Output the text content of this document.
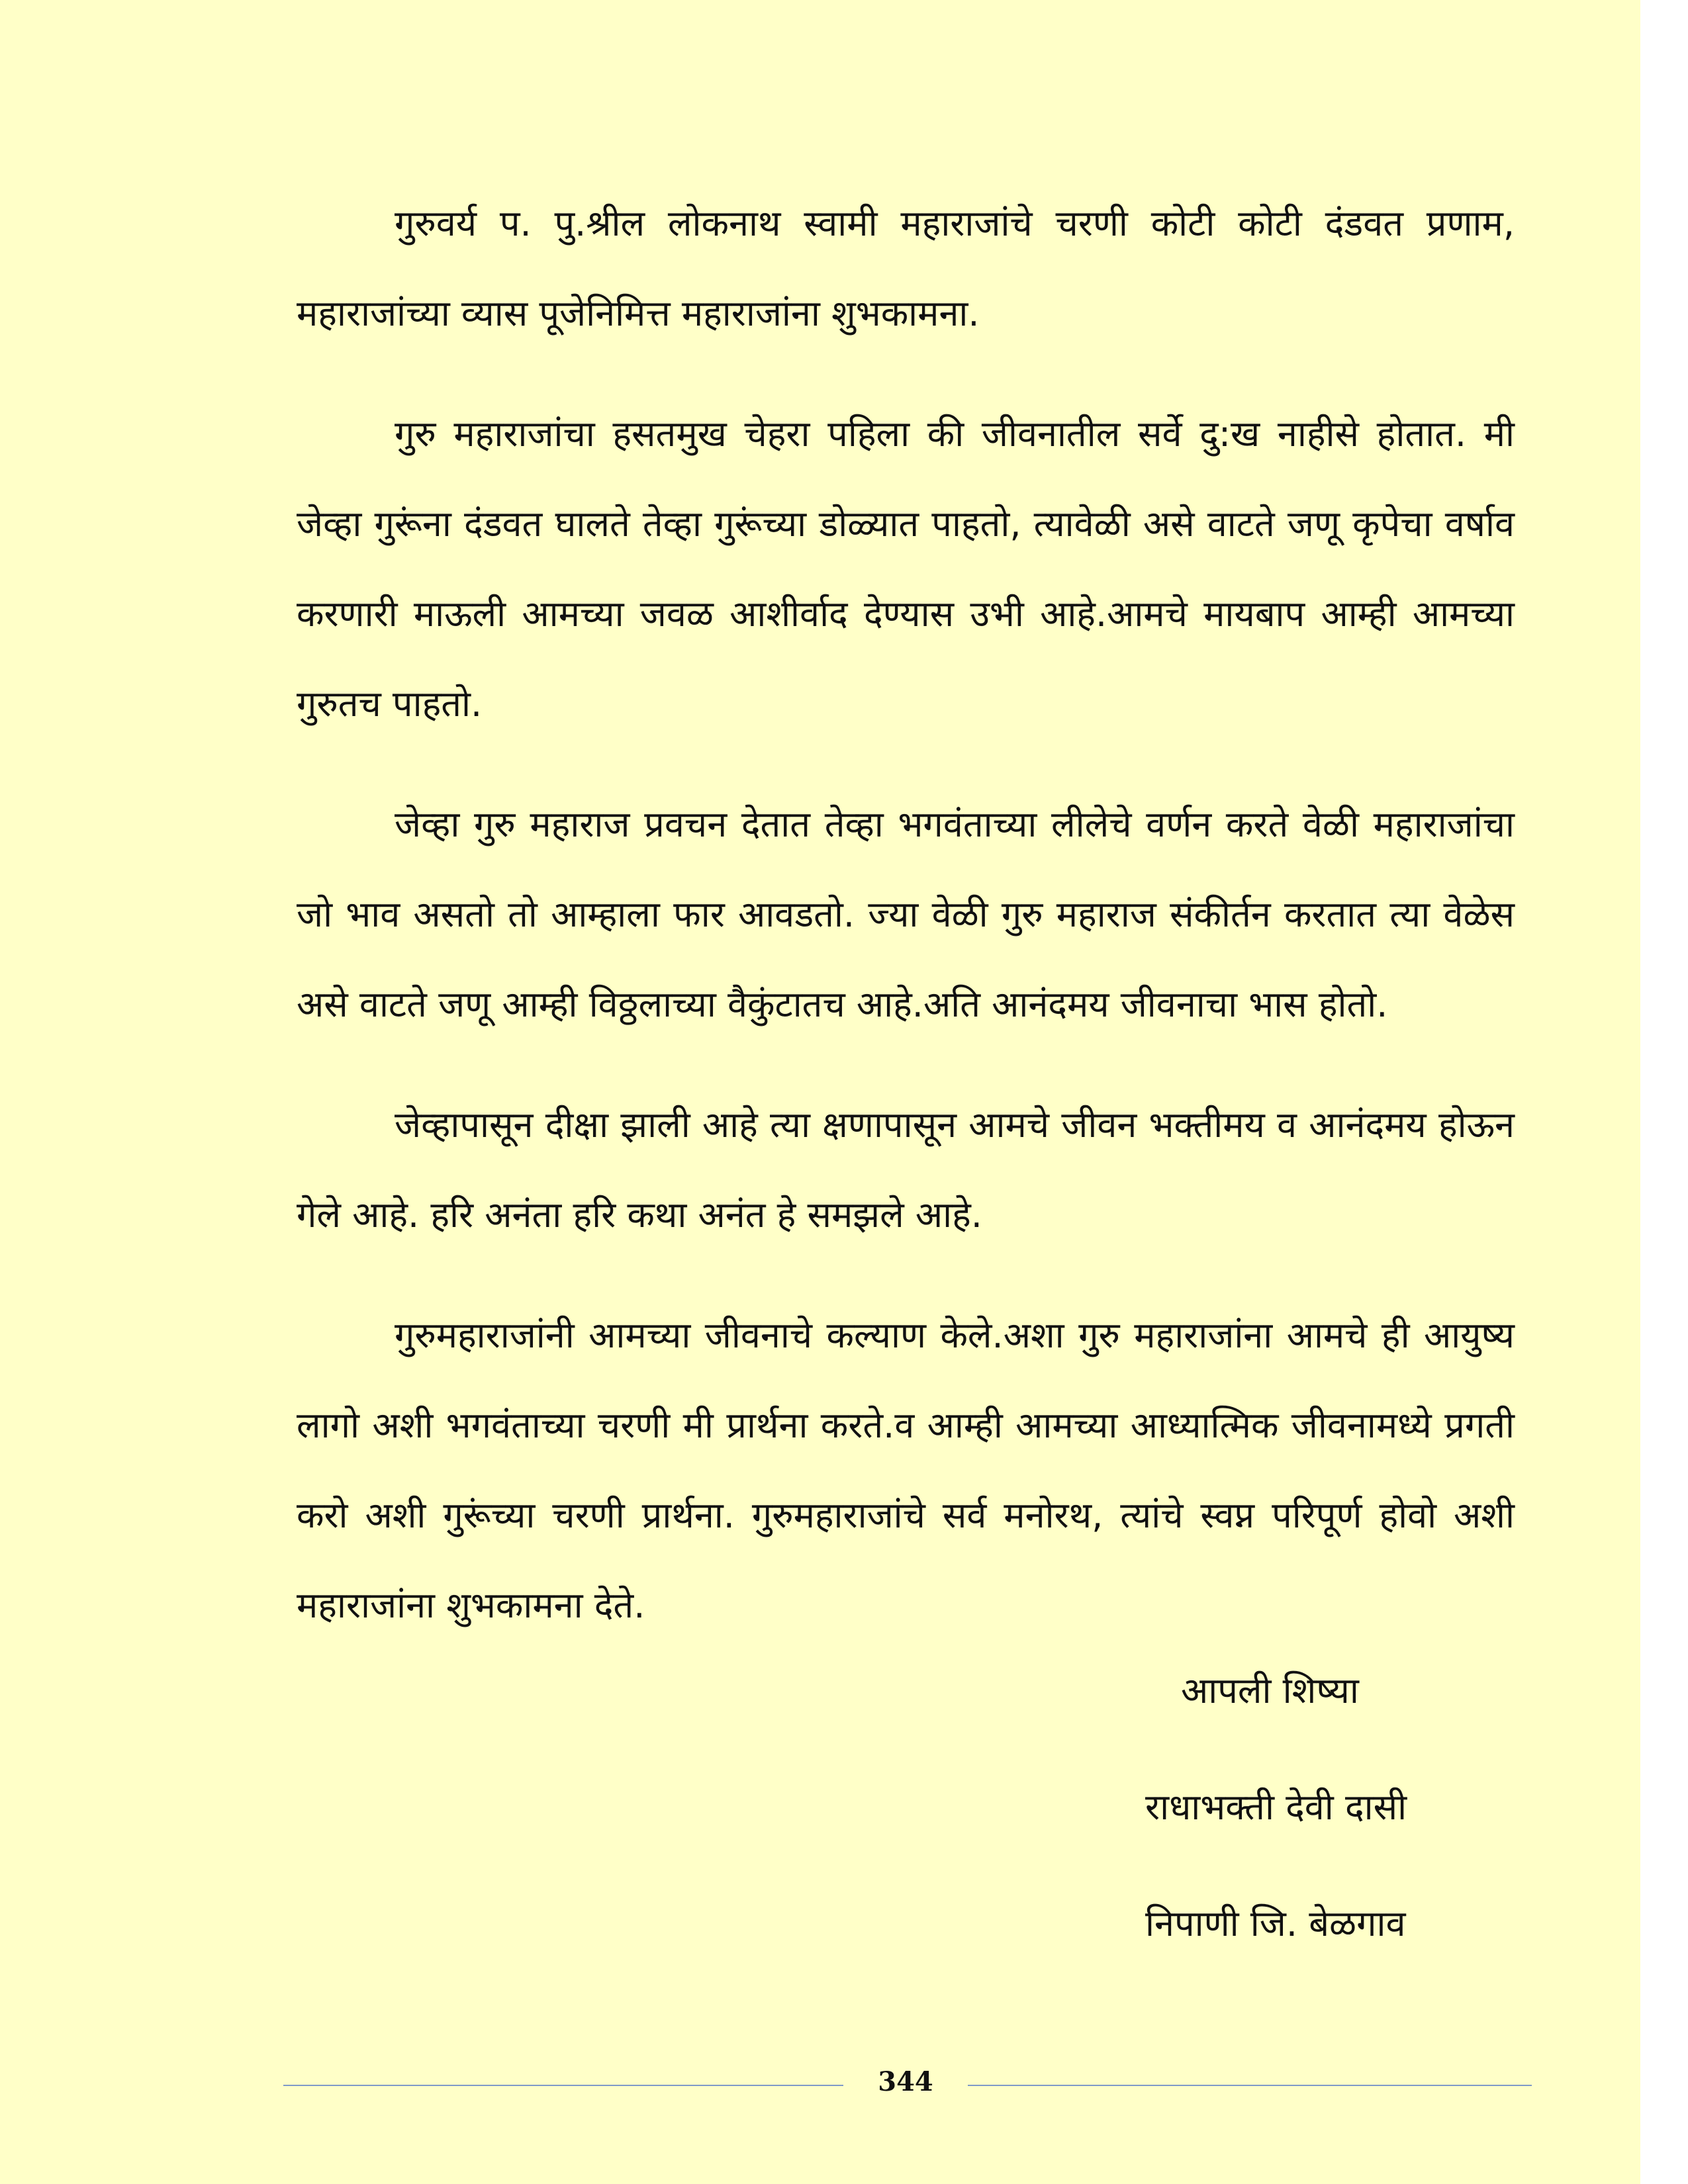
गुरुवर्य प. पु.श्रील लोकनाथ स्वामी महाराजांचे चरणी कोटी कोटी दंडवत प्रणाम, महाराजांच्या व्यास पूजेनिमित्त महाराजांना शुभकामना.

गुरु महाराजांचा हसतमुख चेहरा पहिला की जीवनातील सर्वे दु:ख नाहीसे होतात. मी जेव्हा गुरूंना दंडवत घालते तेव्हा गुरूंच्या डोळ्यात पाहतो, त्यावेळी असे वाटते जणू कृपेचा वर्षाव करणारी माऊली आमच्या जवळ आशीर्वाद देण्यास उभी आहे.आमचे मायबाप आम्ही आमच्या गुरुतच पाहतो.

जेव्हा गुरु महाराज प्रवचन देतात तेव्हा भगवंताच्या लीलेचे वर्णन करते वेळी महाराजांचा जो भाव असतो तो आम्हाला फार आवडतो. ज्या वेळी गुरु महाराज संकीर्तन करतात त्या वेळेस असे वाटते जणू आम्ही विठ्ठलाच्या वैकुंटातच आहे.अति आनंदमय जीवनाचा भास होतो.

जेव्हापासून दीक्षा झाली आहे त्या क्षणापासून आमचे जीवन भक्तीमय व आनंदमय होऊन गेले आहे. हरि अनंता हरि कथा अनंत हे समझले आहे.

गुरुमहाराजांनी आमच्या जीवनाचे कल्याण केले.अशा गुरु महाराजांना आमचे ही आयुष्य लागो अशी भगवंताच्या चरणी मी प्रार्थना करते.व आम्ही आमच्या आध्यात्मिक जीवनामध्ये प्रगती करो अशी गुरूंच्या चरणी प्रार्थना. गुरुमहाराजांचे सर्व मनोरथ, त्यांचे स्वप्न परिपूर्ण होवो अशी महाराजांना शुभकामना देते.

आपली शिष्या
राधाभक्ती देवी दासी
निपाणी जि. बेळगाव
344
